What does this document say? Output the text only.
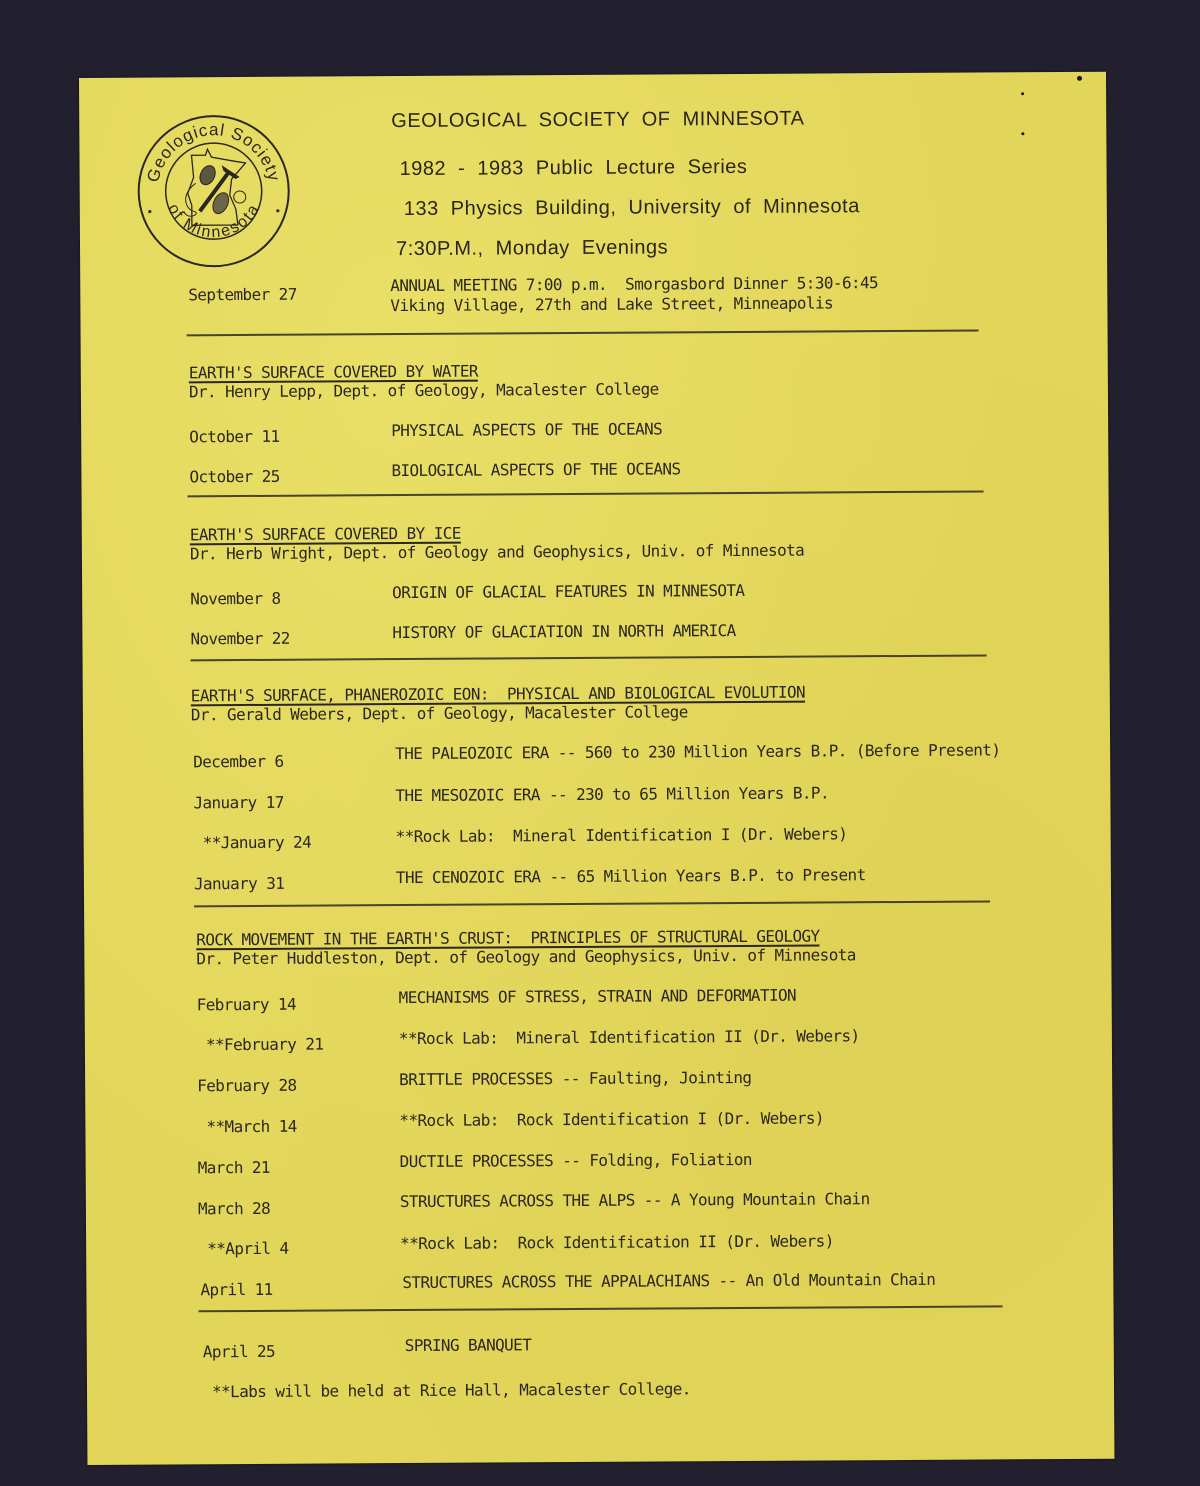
Geological Society
of Minnesota
GEOLOGICAL SOCIETY OF MINNESOTA
1982 - 1983 Public Lecture Series
133 Physics Building, University of Minnesota
7:30P.M., Monday Evenings
September 27	ANNUAL MEETING 7:00 p.m.  Smorgasbord Dinner 5:30-6:45
Viking Village, 27th and Lake Street, Minneapolis
EARTH'S SURFACE COVERED BY WATER
Dr. Henry Lepp, Dept. of Geology, Macalester College
October 11	PHYSICAL ASPECTS OF THE OCEANS
October 25	BIOLOGICAL ASPECTS OF THE OCEANS
EARTH'S SURFACE COVERED BY ICE
Dr. Herb Wright, Dept. of Geology and Geophysics, Univ. of Minnesota
November 8	ORIGIN OF GLACIAL FEATURES IN MINNESOTA
November 22	HISTORY OF GLACIATION IN NORTH AMERICA
EARTH'S SURFACE, PHANEROZOIC EON:  PHYSICAL AND BIOLOGICAL EVOLUTION
Dr. Gerald Webers, Dept. of Geology, Macalester College
December 6	THE PALEOZOIC ERA -- 560 to 230 Million Years B.P. (Before Present)
January 17	THE MESOZOIC ERA -- 230 to 65 Million Years B.P.
**January 24	**Rock Lab:  Mineral Identification I (Dr. Webers)
January 31	THE CENOZOIC ERA -- 65 Million Years B.P. to Present
ROCK MOVEMENT IN THE EARTH'S CRUST:  PRINCIPLES OF STRUCTURAL GEOLOGY
Dr. Peter Huddleston, Dept. of Geology and Geophysics, Univ. of Minnesota
February 14	MECHANISMS OF STRESS, STRAIN AND DEFORMATION
**February 21	**Rock Lab:  Mineral Identification II (Dr. Webers)
February 28	BRITTLE PROCESSES -- Faulting, Jointing
**March 14	**Rock Lab:  Rock Identification I (Dr. Webers)
March 21	DUCTILE PROCESSES -- Folding, Foliation
March 28	STRUCTURES ACROSS THE ALPS -- A Young Mountain Chain
**April 4	**Rock Lab:  Rock Identification II (Dr. Webers)
April 11	STRUCTURES ACROSS THE APPALACHIANS -- An Old Mountain Chain
April 25	SPRING BANQUET
**Labs will be held at Rice Hall, Macalester College.
